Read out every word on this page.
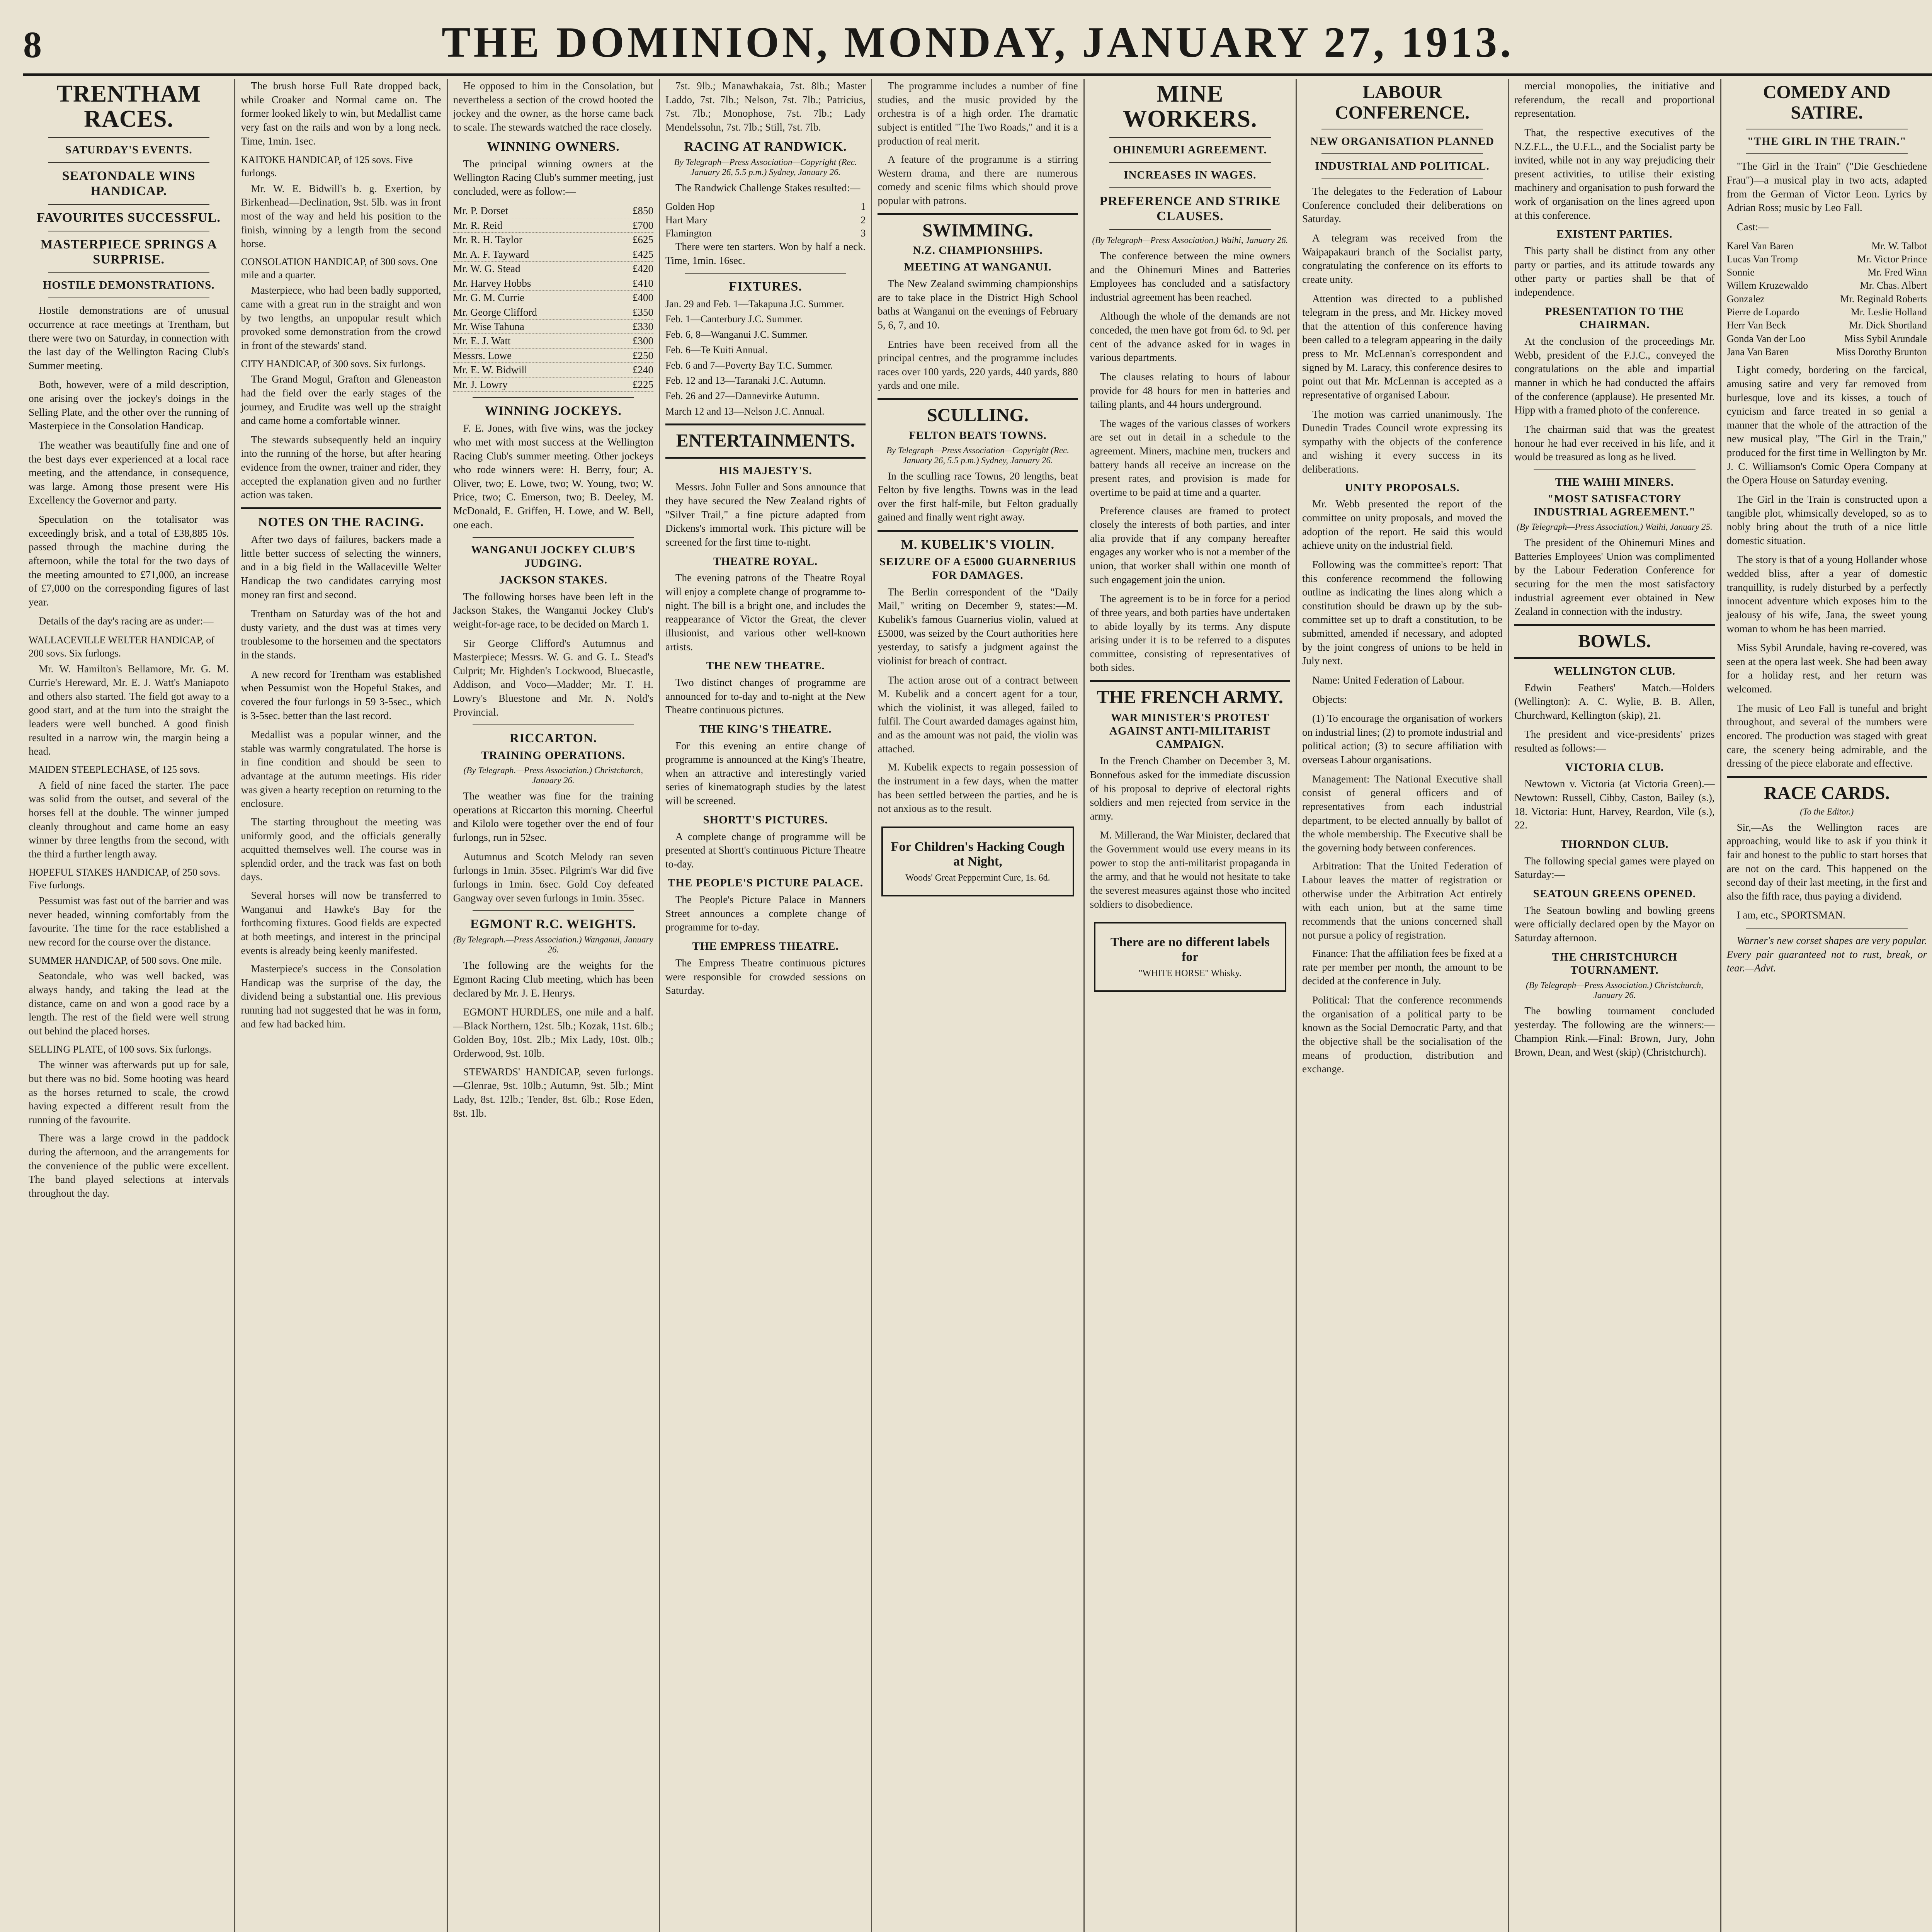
8	THE DOMINION, MONDAY, JANUARY 27, 1913.
TRENTHAM RACES.
SATURDAY'S EVENTS.
SEATONDALE WINS HANDICAP.
FAVOURITES SUCCESSFUL.
MASTERPIECE SPRINGS A SURPRISE.
HOSTILE DEMONSTRATIONS.

Hostile demonstrations are of unusual occurrence at race meetings at Trentham, but there were two on Saturday, in connection with the last day of the Wellington Racing Club's Summer meeting.

Both, however, were of a mild description, one arising over the jockey's doings in the Selling Plate, and the other over the running of Masterpiece in the Consolation Handicap.

The weather was beautifully fine and one of the best days ever experienced at a local race meeting, and the attendance, in consequence, was large. Among those present were His Excellency the Governor and party.

Speculation on the totalisator was exceedingly brisk, and a total of £38,885 10s. passed through the machine during the afternoon, while the total for the two days of the meeting amounted to £71,000, an increase of £7,000 on the corresponding figures of last year.

Details of the day's racing are as under:—

WALLACEVILLE WELTER HANDICAP, of 200 sovs. Six furlongs.

Mr. W. Hamilton's Bellamore, Mr. G. M. Currie's Hereward, Mr. E. J. Watt's Maniapoto and others also started. The field got away to a good start, and at the turn into the straight the leaders were well bunched. A good finish resulted in a narrow win, the margin being a head.

MAIDEN STEEPLECHASE, of 125 sovs.

A field of nine faced the starter. The pace was solid from the outset, and several of the horses fell at the double. The winner jumped cleanly throughout and came home an easy winner by three lengths from the second, with the third a further length away.

HOPEFUL STAKES HANDICAP, of 250 sovs. Five furlongs.

Pessumist was fast out of the barrier and was never headed, winning comfortably from the favourite. The time for the race established a new record for the course over the distance.

SUMMER HANDICAP, of 500 sovs. One mile.

Seatondale, who was well backed, was always handy, and taking the lead at the distance, came on and won a good race by a length. The rest of the field were well strung out behind the placed horses.

SELLING PLATE, of 100 sovs. Six furlongs.

The winner was afterwards put up for sale, but there was no bid. Some hooting was heard as the horses returned to scale, the crowd having expected a different result from the running of the favourite.

There was a large crowd in the paddock during the afternoon, and the arrangements for the convenience of the public were excellent. The band played selections at intervals throughout the day.

The brush horse Full Rate dropped back, while Croaker and Normal came on. The former looked likely to win, but Medallist came very fast on the rails and won by a long neck. Time, 1min. 1sec.

KAITOKE HANDICAP, of 125 sovs. Five furlongs.

Mr. W. E. Bidwill's b. g. Exertion, by Birkenhead—Declination, 9st. 5lb. was in front most of the way and held his position to the finish, winning by a length from the second horse.

CONSOLATION HANDICAP, of 300 sovs. One mile and a quarter.

Masterpiece, who had been badly supported, came with a great run in the straight and won by two lengths, an unpopular result which provoked some demonstration from the crowd in front of the stewards' stand.

CITY HANDICAP, of 300 sovs. Six furlongs.

The Grand Mogul, Grafton and Gleneaston had the field over the early stages of the journey, and Erudite was well up the straight and came home a comfortable winner.

The stewards subsequently held an inquiry into the running of the horse, but after hearing evidence from the owner, trainer and rider, they accepted the explanation given and no further action was taken.

NOTES ON THE RACING.

After two days of failures, backers made a little better success of selecting the winners, and in a big field in the Wallaceville Welter Handicap the two candidates carrying most money ran first and second.

Trentham on Saturday was of the hot and dusty variety, and the dust was at times very troublesome to the horsemen and the spectators in the stands.

A new record for Trentham was established when Pessumist won the Hopeful Stakes, and covered the four furlongs in 59 3-5sec., which is 3-5sec. better than the last record.

Medallist was a popular winner, and the stable was warmly congratulated. The horse is in fine condition and should be seen to advantage at the autumn meetings. His rider was given a hearty reception on returning to the enclosure.

The starting throughout the meeting was uniformly good, and the officials generally acquitted themselves well. The course was in splendid order, and the track was fast on both days.

Several horses will now be transferred to Wanganui and Hawke's Bay for the forthcoming fixtures. Good fields are expected at both meetings, and interest in the principal events is already being keenly manifested.

Masterpiece's success in the Consolation Handicap was the surprise of the day, the dividend being a substantial one. His previous running had not suggested that he was in form, and few had backed him.

He opposed to him in the Consolation, but nevertheless a section of the crowd hooted the jockey and the owner, as the horse came back to scale. The stewards watched the race closely.

WINNING OWNERS.

The principal winning owners at the Wellington Racing Club's summer meeting, just concluded, were as follow:—

Mr. P. Dorset	£850
Mr. R. Reid	£700
Mr. R. H. Taylor	£625
Mr. A. F. Tayward	£425
Mr. W. G. Stead	£420
Mr. Harvey Hobbs	£410
Mr. G. M. Currie	£400
Mr. George Clifford	£350
Mr. Wise Tahuna	£330
Mr. E. J. Watt	£300
Messrs. Lowe	£250
Mr. E. W. Bidwill	£240
Mr. J. Lowry	£225
WINNING JOCKEYS.

F. E. Jones, with five wins, was the jockey who met with most success at the Wellington Racing Club's summer meeting. Other jockeys who rode winners were: H. Berry, four; A. Oliver, two; E. Lowe, two; W. Young, two; W. Price, two; C. Emerson, two; B. Deeley, M. McDonald, E. Griffen, H. Lowe, and W. Bell, one each.

WANGANUI JOCKEY CLUB'S JUDGING.
JACKSON STAKES.

The following horses have been left in the Jackson Stakes, the Wanganui Jockey Club's weight-for-age race, to be decided on March 1.

Sir George Clifford's Autumnus and Masterpiece; Messrs. W. G. and G. L. Stead's Culprit; Mr. Highden's Lockwood, Bluecastle, Addison, and Voco—Madder; Mr. T. H. Lowry's Bluestone and Mr. N. Nold's Provincial.

RICCARTON.
TRAINING OPERATIONS.

(By Telegraph.—Press Association.) Christchurch, January 26.

The weather was fine for the training operations at Riccarton this morning. Cheerful and Kilolo were together over the end of four furlongs, run in 52sec.

Autumnus and Scotch Melody ran seven furlongs in 1min. 35sec. Pilgrim's War did five furlongs in 1min. 6sec. Gold Coy defeated Gangway over seven furlongs in 1min. 35sec.

EGMONT R.C. WEIGHTS.

(By Telegraph.—Press Association.) Wanganui, January 26.

The following are the weights for the Egmont Racing Club meeting, which has been declared by Mr. J. E. Henrys.

EGMONT HURDLES, one mile and a half.—Black Northern, 12st. 5lb.; Kozak, 11st. 6lb.; Golden Boy, 10st. 2lb.; Mix Lady, 10st. 0lb.; Orderwood, 9st. 10lb.

STEWARDS' HANDICAP, seven furlongs.—Glenrae, 9st. 10lb.; Autumn, 9st. 5lb.; Mint Lady, 8st. 12lb.; Tender, 8st. 6lb.; Rose Eden, 8st. 1lb.

7st. 9lb.; Manawhakaia, 7st. 8lb.; Master Laddo, 7st. 7lb.; Nelson, 7st. 7lb.; Patricius, 7st. 7lb.; Monophose, 7st. 7lb.; Lady Mendelssohn, 7st. 7lb.; Still, 7st. 7lb.

RACING AT RANDWICK.

By Telegraph—Press Association—Copyright (Rec. January 26, 5.5 p.m.) Sydney, January 26.

The Randwick Challenge Stakes resulted:—

Golden Hop	1
Hart Mary	2
Flamington	3

There were ten starters. Won by half a neck. Time, 1min. 16sec.

FIXTURES.

Jan. 29 and Feb. 1—Takapuna J.C. Summer.

Feb. 1—Canterbury J.C. Summer.

Feb. 6, 8—Wanganui J.C. Summer.

Feb. 6—Te Kuiti Annual.

Feb. 6 and 7—Poverty Bay T.C. Summer.

Feb. 12 and 13—Taranaki J.C. Autumn.

Feb. 26 and 27—Dannevirke Autumn.

March 12 and 13—Nelson J.C. Annual.

ENTERTAINMENTS.
HIS MAJESTY'S.

Messrs. John Fuller and Sons announce that they have secured the New Zealand rights of "Silver Trail," a fine picture adapted from Dickens's immortal work. This picture will be screened for the first time to-night.

THEATRE ROYAL.

The evening patrons of the Theatre Royal will enjoy a complete change of programme to-night. The bill is a bright one, and includes the reappearance of Victor the Great, the clever illusionist, and various other well-known artists.

THE NEW THEATRE.

Two distinct changes of programme are announced for to-day and to-night at the New Theatre continuous pictures.

THE KING'S THEATRE.

For this evening an entire change of programme is announced at the King's Theatre, when an attractive and interestingly varied series of kinematograph studies by the latest will be screened.

SHORTT'S PICTURES.

A complete change of programme will be presented at Shortt's continuous Picture Theatre to-day.

THE PEOPLE'S PICTURE PALACE.

The People's Picture Palace in Manners Street announces a complete change of programme for to-day.

THE EMPRESS THEATRE.

The Empress Theatre continuous pictures were responsible for crowded sessions on Saturday.

The programme includes a number of fine studies, and the music provided by the orchestra is of a high order. The dramatic subject is entitled "The Two Roads," and it is a production of real merit.

A feature of the programme is a stirring Western drama, and there are numerous comedy and scenic films which should prove popular with patrons.

SWIMMING.
N.Z. CHAMPIONSHIPS.
MEETING AT WANGANUI.

The New Zealand swimming championships are to take place in the District High School baths at Wanganui on the evenings of February 5, 6, 7, and 10.

Entries have been received from all the principal centres, and the programme includes races over 100 yards, 220 yards, 440 yards, 880 yards and one mile.

SCULLING.
FELTON BEATS TOWNS.

By Telegraph—Press Association—Copyright (Rec. January 26, 5.5 p.m.) Sydney, January 26.

In the sculling race Towns, 20 lengths, beat Felton by five lengths. Towns was in the lead over the first half-mile, but Felton gradually gained and finally went right away.

M. KUBELIK'S VIOLIN.
SEIZURE OF A £5000 GUARNERIUS FOR DAMAGES.

The Berlin correspondent of the "Daily Mail," writing on December 9, states:—M. Kubelik's famous Guarnerius violin, valued at £5000, was seized by the Court authorities here yesterday, to satisfy a judgment against the violinist for breach of contract.

The action arose out of a contract between M. Kubelik and a concert agent for a tour, which the violinist, it was alleged, failed to fulfil. The Court awarded damages against him, and as the amount was not paid, the violin was attached.

M. Kubelik expects to regain possession of the instrument in a few days, when the matter has been settled between the parties, and he is not anxious as to the result.

For Children's Hacking Cough at Night,
Woods' Great Peppermint Cure, 1s. 6d.
MINE WORKERS.
OHINEMURI AGREEMENT.
INCREASES IN WAGES.
PREFERENCE AND STRIKE CLAUSES.

(By Telegraph—Press Association.) Waihi, January 26.

The conference between the mine owners and the Ohinemuri Mines and Batteries Employees has concluded and a satisfactory industrial agreement has been reached.

Although the whole of the demands are not conceded, the men have got from 6d. to 9d. per cent of the advance asked for in wages in various departments.

The clauses relating to hours of labour provide for 48 hours for men in batteries and tailing plants, and 44 hours underground.

The wages of the various classes of workers are set out in detail in a schedule to the agreement. Miners, machine men, truckers and battery hands all receive an increase on the present rates, and provision is made for overtime to be paid at time and a quarter.

Preference clauses are framed to protect closely the interests of both parties, and inter alia provide that if any company hereafter engages any worker who is not a member of the union, that worker shall within one month of such engagement join the union.

The agreement is to be in force for a period of three years, and both parties have undertaken to abide loyally by its terms. Any dispute arising under it is to be referred to a disputes committee, consisting of representatives of both sides.

THE FRENCH ARMY.
WAR MINISTER'S PROTEST AGAINST ANTI-MILITARIST CAMPAIGN.

In the French Chamber on December 3, M. Bonnefous asked for the immediate discussion of his proposal to deprive of electoral rights soldiers and men rejected from service in the army.

M. Millerand, the War Minister, declared that the Government would use every means in its power to stop the anti-militarist propaganda in the army, and that he would not hesitate to take the severest measures against those who incited soldiers to disobedience.

There are no different labels for
"WHITE HORSE" Whisky.
LABOUR CONFERENCE.
NEW ORGANISATION PLANNED
INDUSTRIAL AND POLITICAL.

The delegates to the Federation of Labour Conference concluded their deliberations on Saturday.

A telegram was received from the Waipapakauri branch of the Socialist party, congratulating the conference on its efforts to create unity.

Attention was directed to a published telegram in the press, and Mr. Hickey moved that the attention of this conference having been called to a telegram appearing in the daily press to Mr. McLennan's correspondent and signed by M. Laracy, this conference desires to point out that Mr. McLennan is accepted as a representative of organised Labour.

The motion was carried unanimously. The Dunedin Trades Council wrote expressing its sympathy with the objects of the conference and wishing it every success in its deliberations.

UNITY PROPOSALS.

Mr. Webb presented the report of the committee on unity proposals, and moved the adoption of the report. He said this would achieve unity on the industrial field.

Following was the committee's report: That this conference recommend the following outline as indicating the lines along which a constitution should be drawn up by the sub-committee set up to draft a constitution, to be submitted, amended if necessary, and adopted by the joint congress of unions to be held in July next.

Name: United Federation of Labour.

Objects:

(1) To encourage the organisation of workers on industrial lines; (2) to promote industrial and political action; (3) to secure affiliation with overseas Labour organisations.

Management: The National Executive shall consist of general officers and of representatives from each industrial department, to be elected annually by ballot of the whole membership. The Executive shall be the governing body between conferences.

Arbitration: That the United Federation of Labour leaves the matter of registration or otherwise under the Arbitration Act entirely with each union, but at the same time recommends that the unions concerned shall not pursue a policy of registration.

Finance: That the affiliation fees be fixed at a rate per member per month, the amount to be decided at the conference in July.

Political: That the conference recommends the organisation of a political party to be known as the Social Democratic Party, and that the objective shall be the socialisation of the means of production, distribution and exchange.

mercial monopolies, the initiative and referendum, the recall and proportional representation.

That, the respective executives of the N.Z.F.L., the U.F.L., and the Socialist party be invited, while not in any way prejudicing their present activities, to utilise their existing machinery and organisation to push forward the work of organisation on the lines agreed upon at this conference.

EXISTENT PARTIES.

This party shall be distinct from any other party or parties, and its attitude towards any other party or parties shall be that of independence.

PRESENTATION TO THE CHAIRMAN.

At the conclusion of the proceedings Mr. Webb, president of the F.J.C., conveyed the congratulations on the able and impartial manner in which he had conducted the affairs of the conference (applause). He presented Mr. Hipp with a framed photo of the conference.

The chairman said that was the greatest honour he had ever received in his life, and it would be treasured as long as he lived.

THE WAIHI MINERS.
"MOST SATISFACTORY INDUSTRIAL AGREEMENT."

(By Telegraph—Press Association.) Waihi, January 25.

The president of the Ohinemuri Mines and Batteries Employees' Union was complimented by the Labour Federation Conference for securing for the men the most satisfactory industrial agreement ever obtained in New Zealand in connection with the industry.

BOWLS.
WELLINGTON CLUB.

Edwin Feathers' Match.—Holders (Wellington): A. C. Wylie, B. B. Allen, Churchward, Kellington (skip), 21.

The president and vice-presidents' prizes resulted as follows:—

VICTORIA CLUB.

Newtown v. Victoria (at Victoria Green).—Newtown: Russell, Cibby, Caston, Bailey (s.), 18. Victoria: Hunt, Harvey, Reardon, Vile (s.), 22.

THORNDON CLUB.

The following special games were played on Saturday:—

SEATOUN GREENS OPENED.

The Seatoun bowling and bowling greens were officially declared open by the Mayor on Saturday afternoon.

THE CHRISTCHURCH TOURNAMENT.

(By Telegraph—Press Association.) Christchurch, January 26.

The bowling tournament concluded yesterday. The following are the winners:—Champion Rink.—Final: Brown, Jury, John Brown, Dean, and West (skip) (Christchurch).

COMEDY AND SATIRE.
"THE GIRL IN THE TRAIN."

"The Girl in the Train" ("Die Geschiedene Frau")—a musical play in two acts, adapted from the German of Victor Leon. Lyrics by Adrian Ross; music by Leo Fall.

Cast:—

Karel Van Baren	Mr. W. Talbot
Lucas Van Tromp	Mr. Victor Prince
Sonnie	Mr. Fred Winn
Willem Kruzewaldo	Mr. Chas. Albert
Gonzalez	Mr. Reginald Roberts
Pierre de Lopardo	Mr. Leslie Holland
Herr Van Beck	Mr. Dick Shortland
Gonda Van der Loo	Miss Sybil Arundale
Jana Van Baren	Miss Dorothy Brunton

Light comedy, bordering on the farcical, amusing satire and very far removed from burlesque, love and its kisses, a touch of cynicism and farce treated in so genial a manner that the whole of the attraction of the new musical play, "The Girl in the Train," produced for the first time in Wellington by Mr. J. C. Williamson's Comic Opera Company at the Opera House on Saturday evening.

The Girl in the Train is constructed upon a tangible plot, whimsically developed, so as to nobly bring about the truth of a nice little domestic situation.

The story is that of a young Hollander whose wedded bliss, after a year of domestic tranquillity, is rudely disturbed by a perfectly innocent adventure which exposes him to the jealousy of his wife, Jana, the sweet young woman to whom he has been married.

Miss Sybil Arundale, having re-covered, was seen at the opera last week. She had been away for a holiday rest, and her return was welcomed.

The music of Leo Fall is tuneful and bright throughout, and several of the numbers were encored. The production was staged with great care, the scenery being admirable, and the dressing of the piece elaborate and effective.

RACE CARDS.

(To the Editor.)

Sir,—As the Wellington races are approaching, would like to ask if you think it fair and honest to the public to start horses that are not on the card. This happened on the second day of their last meeting, in the first and also the fifth race, thus paying a dividend.

I am, etc., SPORTSMAN.

Warner's new corset shapes are very popular. Every pair guaranteed not to rust, break, or tear.—Advt.
